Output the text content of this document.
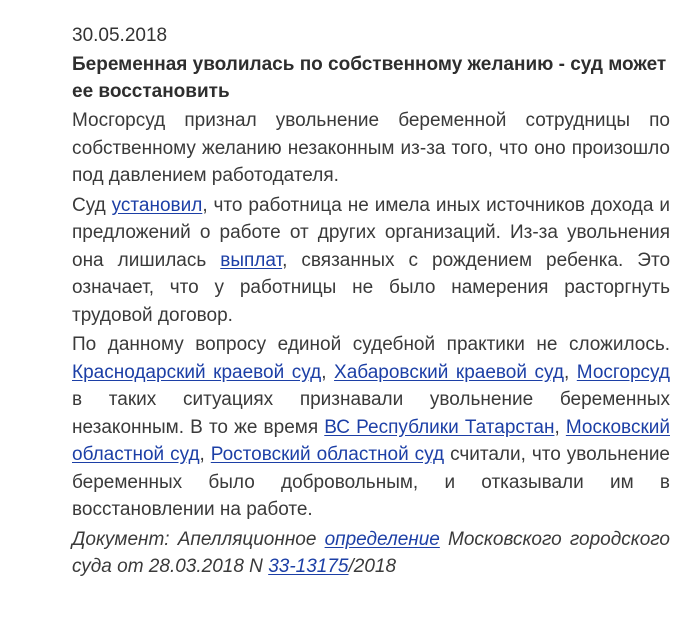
30.05.2018
Беременная уволилась по собственному желанию - суд может ее восстановить

Мосгорсуд признал увольнение беременной сотрудницы по собственному желанию незаконным из-за того, что оно произошло под давлением работодателя.

Суд установил, что работница не имела иных источников дохода и предложений о работе от других организаций. Из-за увольнения она лишилась выплат, связанных с рождением ребенка. Это означает, что у работницы не было намерения расторгнуть трудовой договор.

По данному вопросу единой судебной практики не сложилось. Краснодарский краевой суд, Хабаровский краевой суд, Мосгорсуд в таких ситуациях признавали увольнение беременных незаконным. В то же время ВС Республики Татарстан, Московский областной суд, Ростовский областной суд считали, что увольнение беременных было добровольным, и отказывали им в восстановлении на работе.

Документ: Апелляционное определение Московского городского суда от 28.03.2018 N 33-13175/2018
